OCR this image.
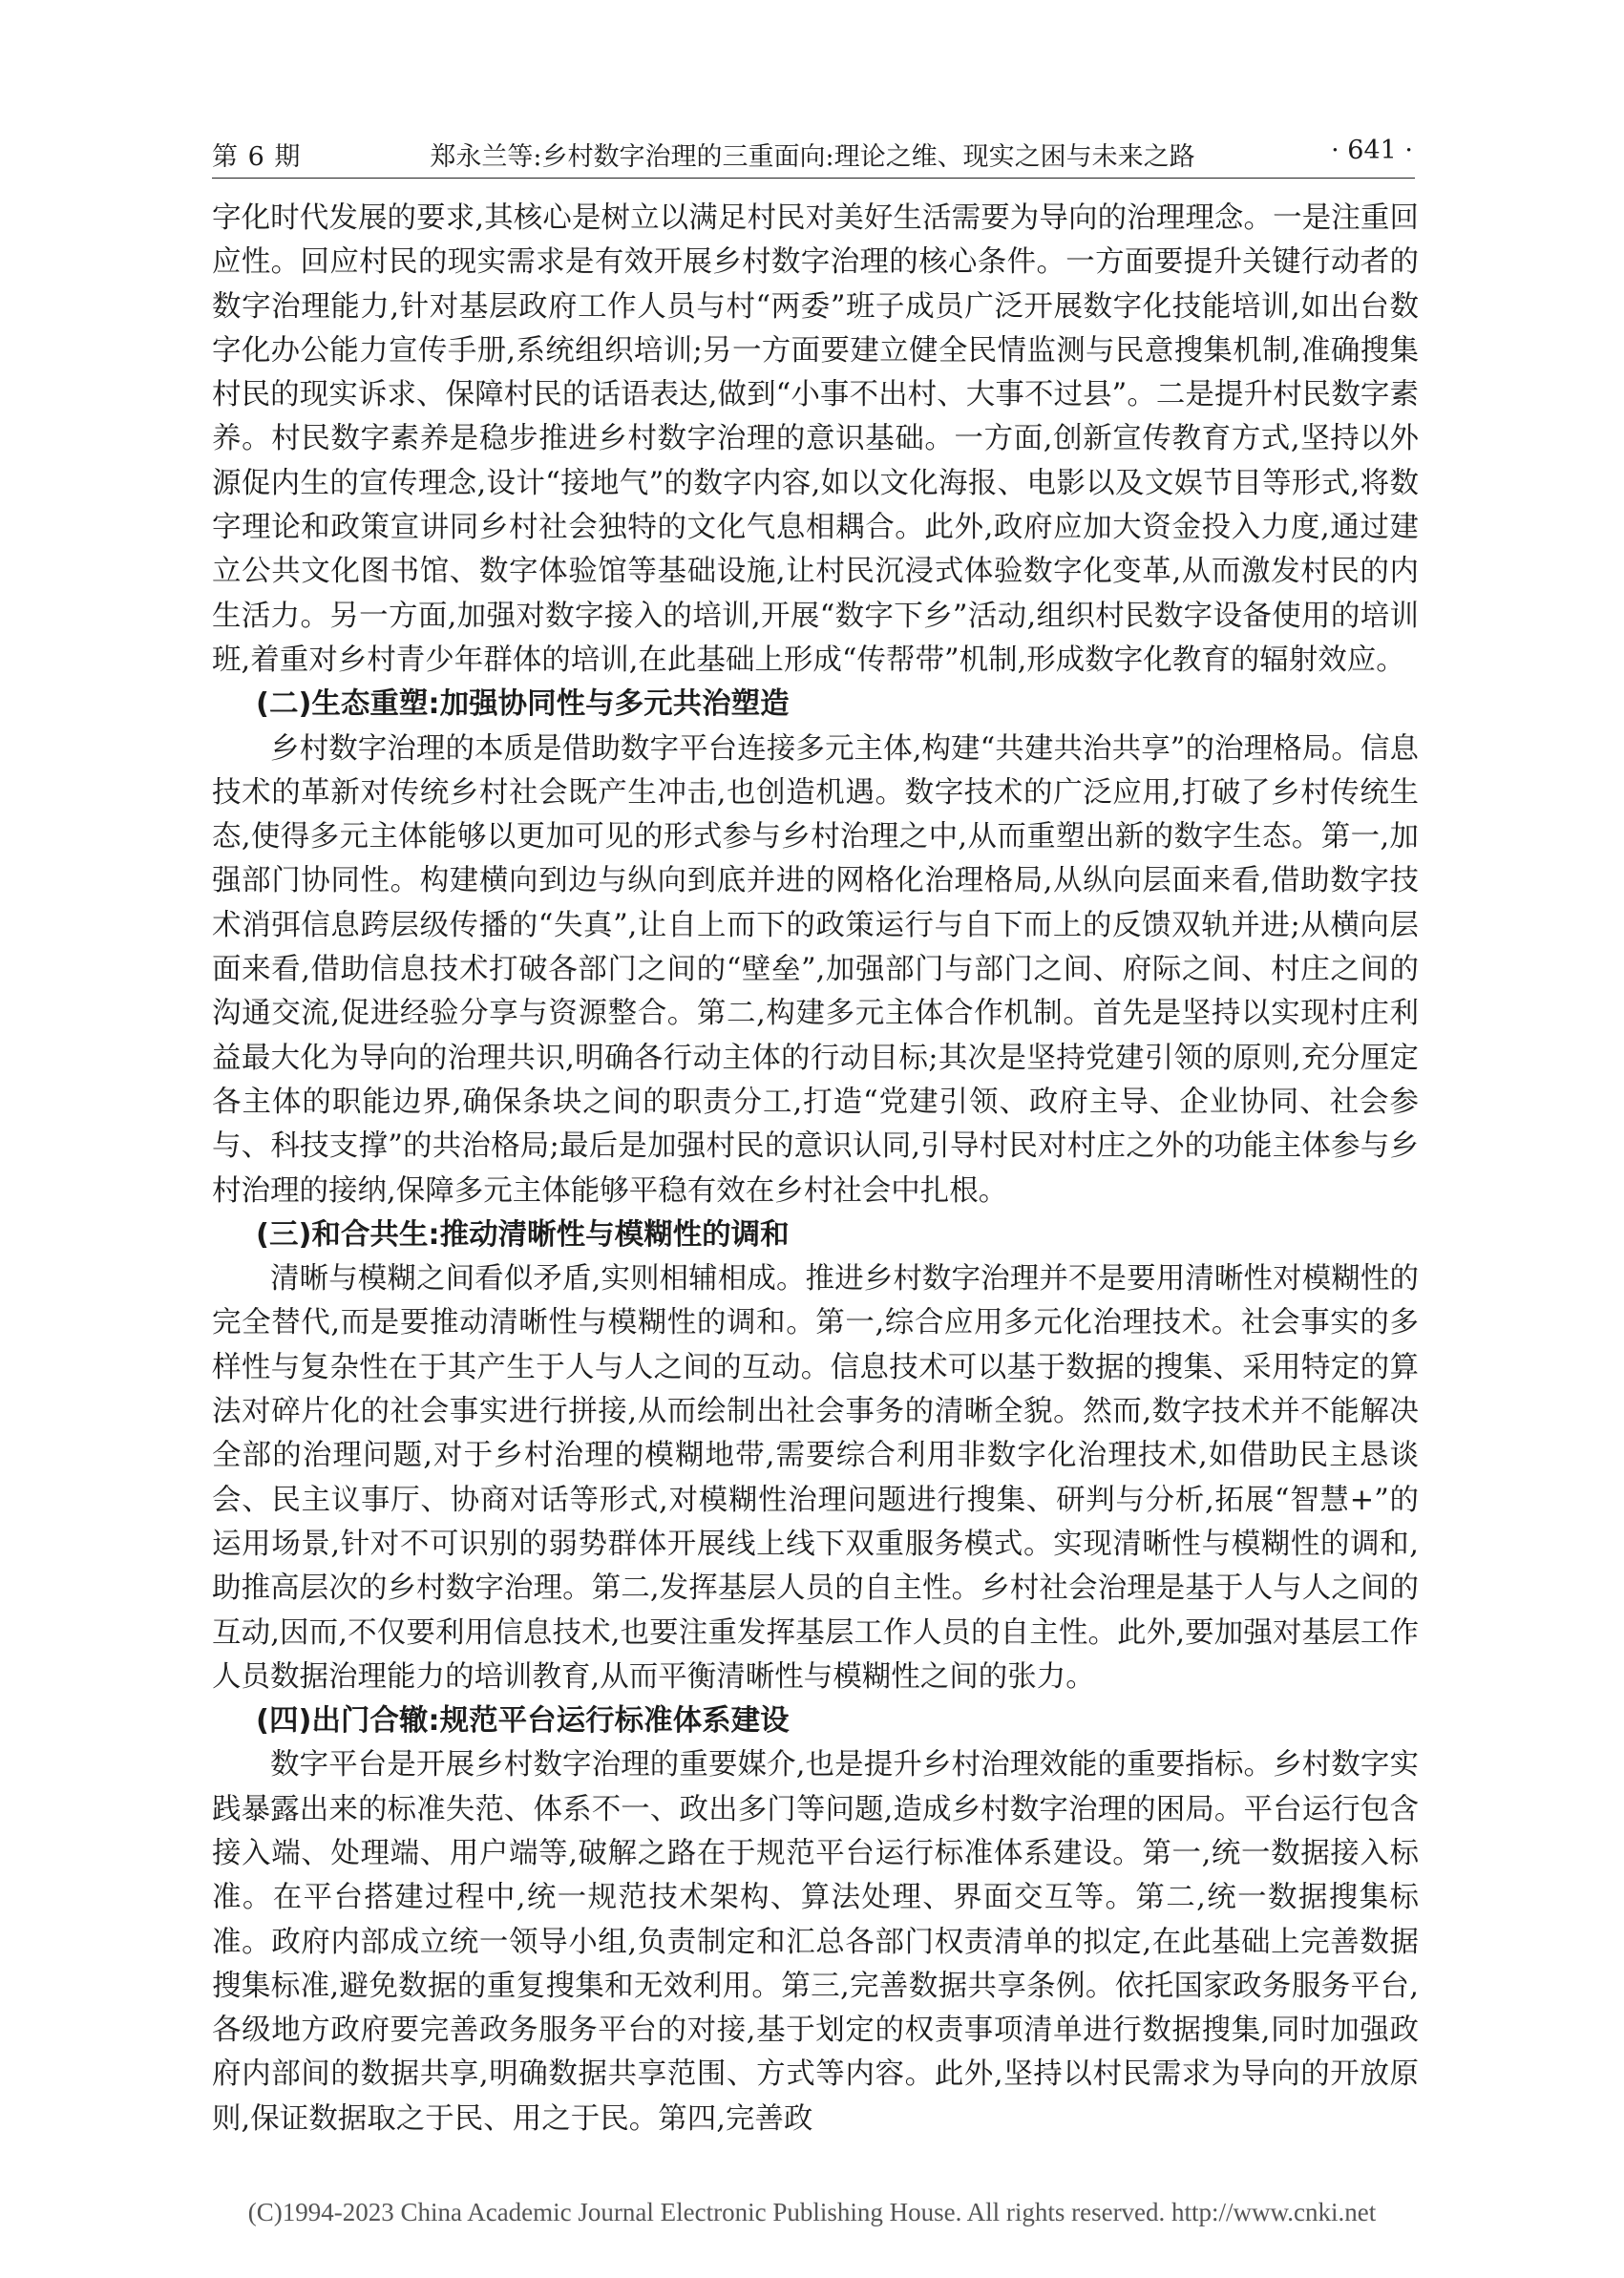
郑永兰等:乡村数字治理的三重面向:理论之维、现实之困与未来之路
第 6 期	· 641 ·

字化时代发展的要求,其核心是树立以满足村民对美好生活需要为导向的治理理念。一是注重回应性。回应村民的现实需求是有效开展乡村数字治理的核心条件。一方面要提升关键行动者的数字治理能力,针对基层政府工作人员与村“两委”班子成员广泛开展数字化技能培训,如出台数字化办公能力宣传手册,系统组织培训;另一方面要建立健全民情监测与民意搜集机制,准确搜集村民的现实诉求、保障村民的话语表达,做到“小事不出村、大事不过县”。二是提升村民数字素养。村民数字素养是稳步推进乡村数字治理的意识基础。一方面,创新宣传教育方式,坚持以外源促内生的宣传理念,设计“接地气”的数字内容,如以文化海报、电影以及文娱节目等形式,将数字理论和政策宣讲同乡村社会独特的文化气息相耦合。此外,政府应加大资金投入力度,通过建立公共文化图书馆、数字体验馆等基础设施,让村民沉浸式体验数字化变革,从而激发村民的内生活力。另一方面,加强对数字接入的培训,开展“数字下乡”活动,组织村民数字设备使用的培训班,着重对乡村青少年群体的培训,在此基础上形成“传帮带”机制,形成数字化教育的辐射效应。

(二)生态重塑:加强协同性与多元共治塑造

乡村数字治理的本质是借助数字平台连接多元主体,构建“共建共治共享”的治理格局。信息技术的革新对传统乡村社会既产生冲击,也创造机遇。数字技术的广泛应用,打破了乡村传统生态,使得多元主体能够以更加可见的形式参与乡村治理之中,从而重塑出新的数字生态。第一,加强部门协同性。构建横向到边与纵向到底并进的网格化治理格局,从纵向层面来看,借助数字技术消弭信息跨层级传播的“失真”,让自上而下的政策运行与自下而上的反馈双轨并进;从横向层面来看,借助信息技术打破各部门之间的“壁垒”,加强部门与部门之间、府际之间、村庄之间的沟通交流,促进经验分享与资源整合。第二,构建多元主体合作机制。首先是坚持以实现村庄利益最大化为导向的治理共识,明确各行动主体的行动目标;其次是坚持党建引领的原则,充分厘定各主体的职能边界,确保条块之间的职责分工,打造“党建引领、政府主导、企业协同、社会参与、科技支撑”的共治格局;最后是加强村民的意识认同,引导村民对村庄之外的功能主体参与乡村治理的接纳,保障多元主体能够平稳有效在乡村社会中扎根。

(三)和合共生:推动清晰性与模糊性的调和

清晰与模糊之间看似矛盾,实则相辅相成。推进乡村数字治理并不是要用清晰性对模糊性的完全替代,而是要推动清晰性与模糊性的调和。第一,综合应用多元化治理技术。社会事实的多样性与复杂性在于其产生于人与人之间的互动。信息技术可以基于数据的搜集、采用特定的算法对碎片化的社会事实进行拼接,从而绘制出社会事务的清晰全貌。然而,数字技术并不能解决全部的治理问题,对于乡村治理的模糊地带,需要综合利用非数字化治理技术,如借助民主恳谈会、民主议事厅、协商对话等形式,对模糊性治理问题进行搜集、研判与分析,拓展“智慧+”的运用场景,针对不可识别的弱势群体开展线上线下双重服务模式。实现清晰性与模糊性的调和,助推高层次的乡村数字治理。第二,发挥基层人员的自主性。乡村社会治理是基于人与人之间的互动,因而,不仅要利用信息技术,也要注重发挥基层工作人员的自主性。此外,要加强对基层工作人员数据治理能力的培训教育,从而平衡清晰性与模糊性之间的张力。

(四)出门合辙:规范平台运行标准体系建设

数字平台是开展乡村数字治理的重要媒介,也是提升乡村治理效能的重要指标。乡村数字实践暴露出来的标准失范、体系不一、政出多门等问题,造成乡村数字治理的困局。平台运行包含接入端、处理端、用户端等,破解之路在于规范平台运行标准体系建设。第一,统一数据接入标准。在平台搭建过程中,统一规范技术架构、算法处理、界面交互等。第二,统一数据搜集标准。政府内部成立统一领导小组,负责制定和汇总各部门权责清单的拟定,在此基础上完善数据搜集标准,避免数据的重复搜集和无效利用。第三,完善数据共享条例。依托国家政务服务平台,各级地方政府要完善政务服务平台的对接,基于划定的权责事项清单进行数据搜集,同时加强政府内部间的数据共享,明确数据共享范围、方式等内容。此外,坚持以村民需求为导向的开放原则,保证数据取之于民、用之于民。第四,完善政

(C)1994-2023 China Academic Journal Electronic Publishing House. All rights reserved. http://www.cnki.net
